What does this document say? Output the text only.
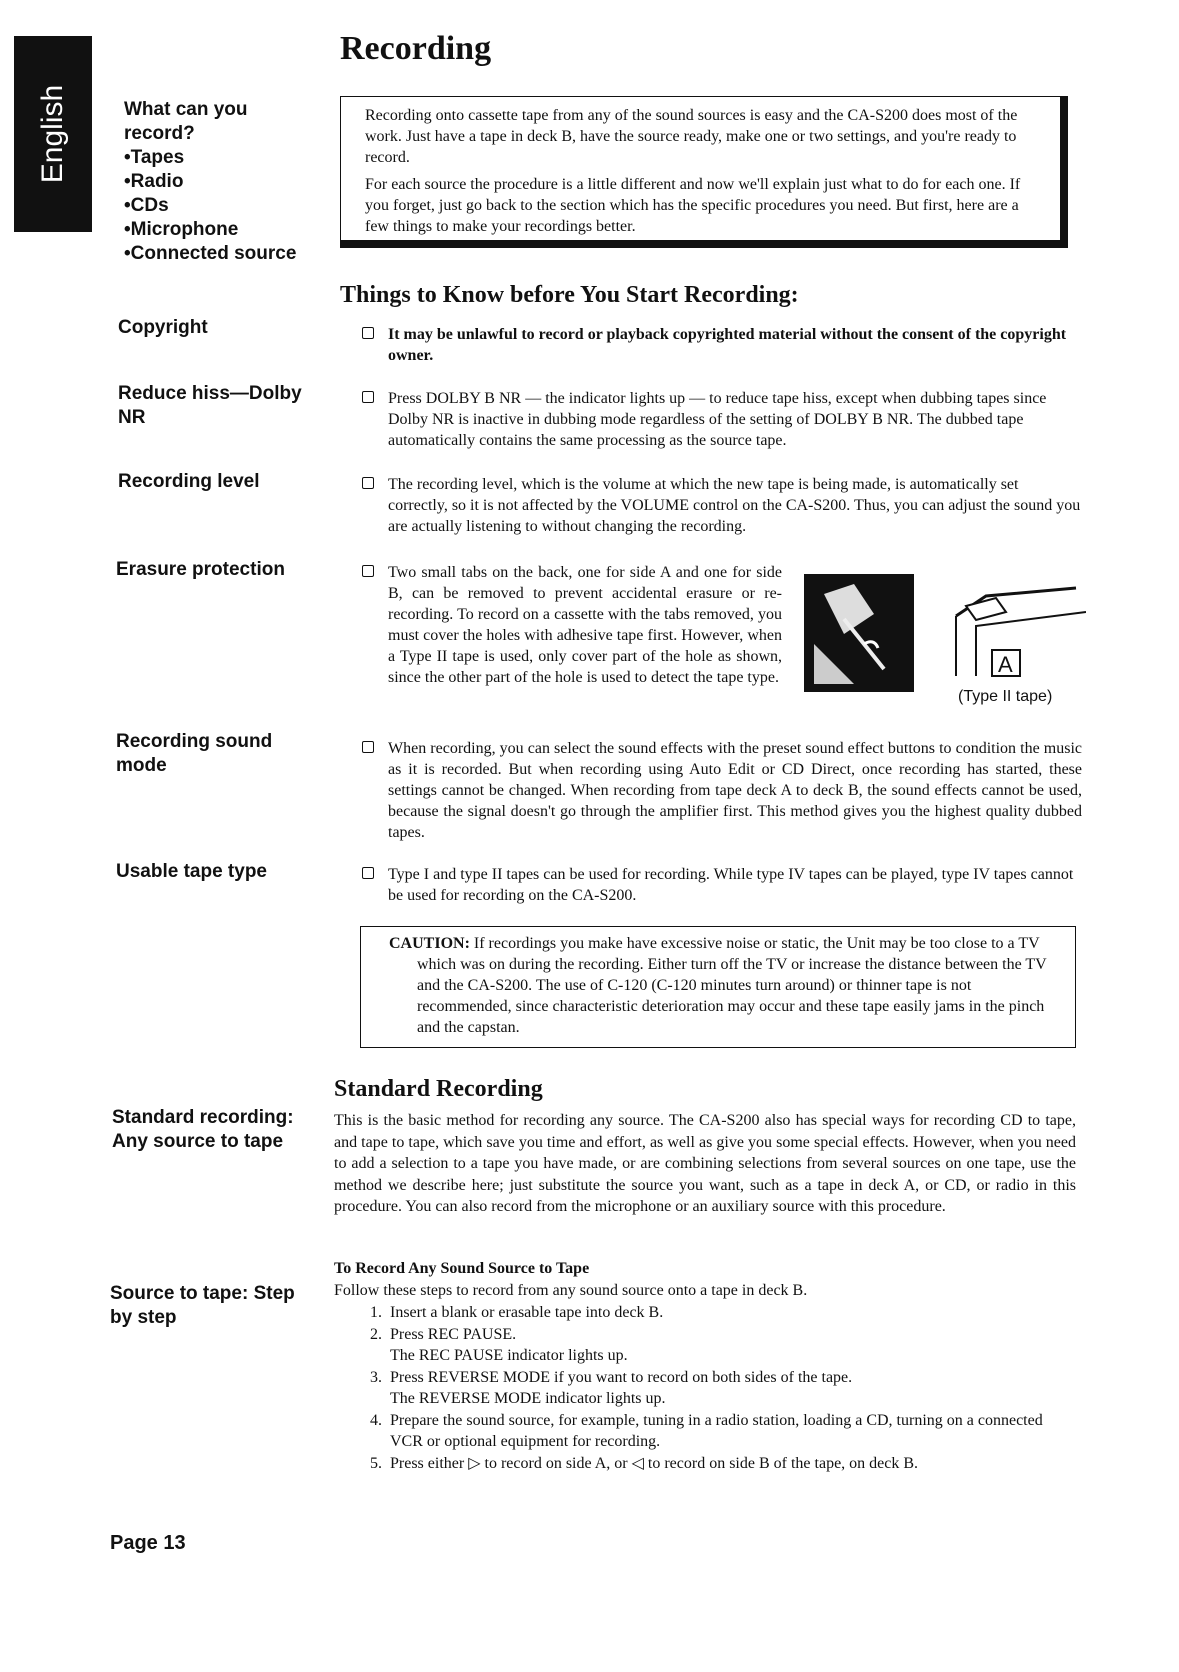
English
Recording
What can you
record?
•Tapes
•Radio
•CDs
•Microphone
•Connected source
Copyright
Reduce hiss—Dolby
NR
Recording level
Erasure protection
Recording sound
mode
Usable tape type
Standard recording:
Any source to tape
Source to tape: Step
by step

Recording onto cassette tape from any of the sound sources is easy and the CA-S200 does most of the work. Just have a tape in deck B, have the source ready, make one or two settings, and you're ready to record.

For each source the procedure is a little different and now we'll explain just what to do for each one. If you forget, just go back to the section which has the specific procedures you need. But first, here are a few things to make your recordings better.

Things to Know before You Start Recording:
It may be unlawful to record or playback copyrighted material without the consent of the copyright owner.
Press DOLBY B NR — the indicator lights up — to reduce tape hiss, except when dubbing tapes since Dolby NR is inactive in dubbing mode regardless of the setting of DOLBY B NR. The dubbed tape automatically contains the same processing as the source tape.
The recording level, which is the volume at which the new tape is being made, is automatically set correctly, so it is not affected by the VOLUME control on the CA-S200. Thus, you can adjust the sound you are actually listening to without changing the recording.
Two small tabs on the back, one for side A and one for side B, can be removed to prevent accidental erasure or re-recording. To record on a cassette with the tabs removed, you must cover the holes with adhesive tape first. However, when a Type II tape is used, only cover part of the hole as shown, since the other part of the hole is used to detect the tape type.
A
(Type II tape)
When recording, you can select the sound effects with the preset sound effect buttons to condition the music as it is recorded. But when recording using Auto Edit or CD Direct, once recording has started, these settings cannot be changed. When recording from tape deck A to deck B, the sound effects cannot be used, because the signal doesn't go through the amplifier first. This method gives you the highest quality dubbed tapes.
Type I and type II tapes can be used for recording. While type IV tapes can be played, type IV tapes cannot be used for recording on the CA-S200.
CAUTION: If recordings you make have excessive noise or static, the Unit may be too close to a TV which was on during the recording. Either turn off the TV or increase the distance between the TV and the CA-S200. The use of C-120 (C-120 minutes turn around) or thinner tape is not recommended, since characteristic deterioration may occur and these tape easily jams in the pinch and the capstan.
Standard Recording
This is the basic method for recording any source. The CA-S200 also has special ways for recording CD to tape, and tape to tape, which save you time and effort, as well as give you some special effects. However, when you need to add a selection to a tape you have made, or are combining selections from several sources on one tape, use the method we describe here; just substitute the source you want, such as a tape in deck A, or CD, or radio in this procedure. You can also record from the microphone or an auxiliary source with this procedure.
To Record Any Sound Source to Tape
Follow these steps to record from any sound source onto a tape in deck B.
1. Insert a blank or erasable tape into deck B.
2. Press REC PAUSE.
The REC PAUSE indicator lights up.
3. Press REVERSE MODE if you want to record on both sides of the tape.
The REVERSE MODE indicator lights up.
4. Prepare the sound source, for example, tuning in a radio station, loading a CD, turning on a connected VCR or optional equipment for recording.
5. Press either ▷ to record on side A, or ◁ to record on side B of the tape, on deck B.
Page 13
